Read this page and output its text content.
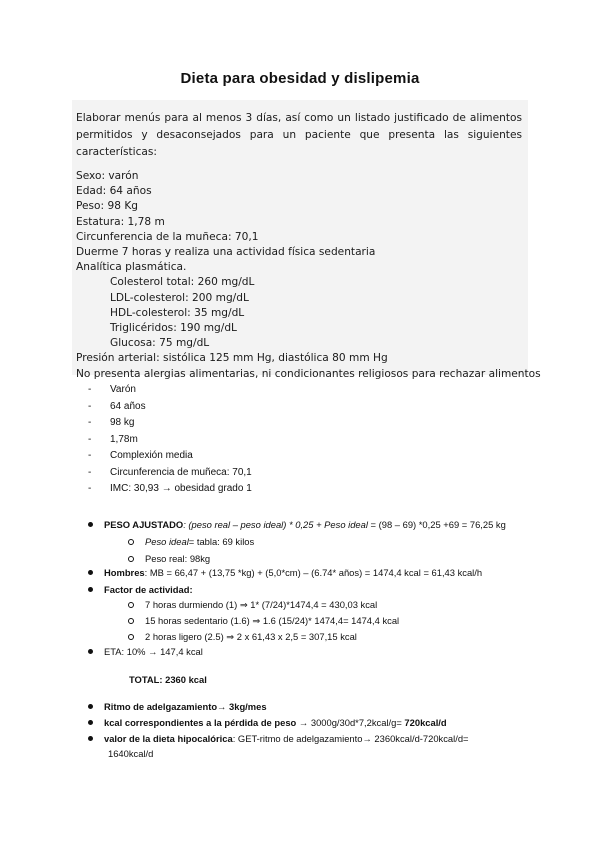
Dieta para obesidad y dislipemia
Elaborar menús para al menos 3 días, así como un listado justificado de alimentos permitidos y desaconsejados para un paciente que presenta las siguientes características:
Sexo: varón
Edad: 64 años
Peso: 98 Kg
Estatura: 1,78 m
Circunferencia de la muñeca: 70,1
Duerme 7 horas y realiza una actividad física sedentaria
Analítica plasmática.
Colesterol total: 260 mg/dL
LDL-colesterol: 200 mg/dL
HDL-colesterol: 35 mg/dL
Triglicéridos: 190 mg/dL
Glucosa: 75 mg/dL
Presión arterial: sistólica 125 mm Hg, diastólica 80 mm Hg
No presenta alergias alimentarias, ni condicionantes religiosos para rechazar alimentos
- Varón
- 64 años
- 98 kg
- 1,78m
- Complexión media
- Circunferencia de muñeca: 70,1
- IMC: 30,93 → obesidad grado 1
PESO AJUSTADO: (peso real – peso ideal) * 0,25 + Peso ideal = (98 – 69) *0,25 +69 = 76,25 kg
Peso ideal= tabla: 69 kilos
Peso real: 98kg
Hombres: MB = 66,47 + (13,75 *kg) + (5,0*cm) – (6.74* años) = 1474,4 kcal = 61,43 kcal/h
Factor de actividad:
7 horas durmiendo (1) ⇒ 1* (7/24)*1474,4 = 430,03 kcal
15 horas sedentario (1.6) ⇒ 1.6 (15/24)* 1474,4= 1474,4 kcal
2 horas ligero (2.5) ⇒ 2 x 61,43 x 2,5 = 307,15 kcal
ETA: 10% → 147,4 kcal
TOTAL: 2360 kcal
Ritmo de adelgazamiento→ 3kg/mes
kcal correspondientes a la pérdida de peso → 3000g/30d*7,2kcal/g= 720kcal/d
valor de la dieta hipocalórica: GET-ritmo de adelgazamiento→ 2360kcal/d-720kcal/d=
1640kcal/d
